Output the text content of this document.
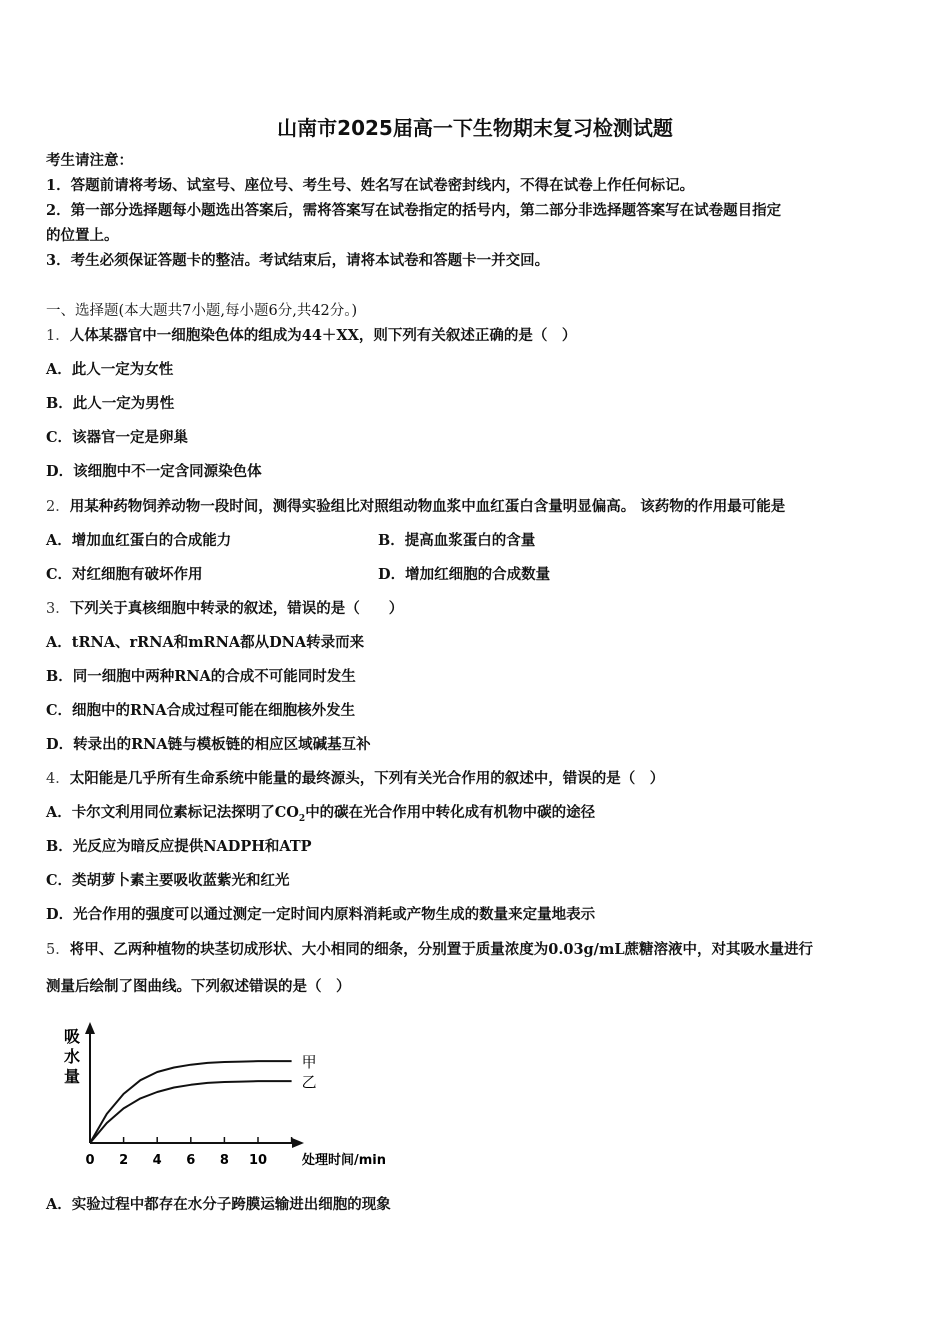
山南市2025届高一下生物期末复习检测试题
考生请注意：
1．答题前请将考场、试室号、座位号、考生号、姓名写在试卷密封线内，不得在试卷上作任何标记。
2．第一部分选择题每小题选出答案后，需将答案写在试卷指定的括号内，第二部分非选择题答案写在试卷题目指定
的位置上。
3．考生必须保证答题卡的整洁。考试结束后，请将本试卷和答题卡一并交回。
一、选择题(本大题共7小题,每小题6分,共42分。)
1．人体某器官中一细胞染色体的组成为44＋XX，则下列有关叙述正确的是（　）
A．此人一定为女性
B．此人一定为男性
C．该器官一定是卵巢
D．该细胞中不一定含同源染色体
2．用某种药物饲养动物一段时间，测得实验组比对照组动物血浆中血红蛋白含量明显偏高。 该药物的作用最可能是
A．增加血红蛋白的合成能力	B．提高血浆蛋白的含量
C．对红细胞有破坏作用	D．增加红细胞的合成数量
3．下列关于真核细胞中转录的叙述，错误的是（　　）
A．tRNA、rRNA和mRNA都从DNA转录而来
B．同一细胞中两种RNA的合成不可能同时发生
C．细胞中的RNA合成过程可能在细胞核外发生
D．转录出的RNA链与模板链的相应区域碱基互补
4．太阳能是几乎所有生命系统中能量的最终源头，下列有关光合作用的叙述中，错误的是（　）
A．卡尔文利用同位素标记法探明了$CO_2$中的碳在光合作用中转化成有机物中碳的途径
B．光反应为暗反应提供NADPH和ATP
C．类胡萝卜素主要吸收蓝紫光和红光
D．光合作用的强度可以通过测定一定时间内原料消耗或产物生成的数量来定量地表示
5．将甲、乙两种植物的块茎切成形状、大小相同的细条，分别置于质量浓度为0.03g/mL蔗糖溶液中，对其吸水量进行
测量后绘制了图曲线。下列叙述错误的是（　）
0 2 4 6 8 10
甲
乙
吸
水
量
处理时间/min
A．实验过程中都存在水分子跨膜运输进出细胞的现象
